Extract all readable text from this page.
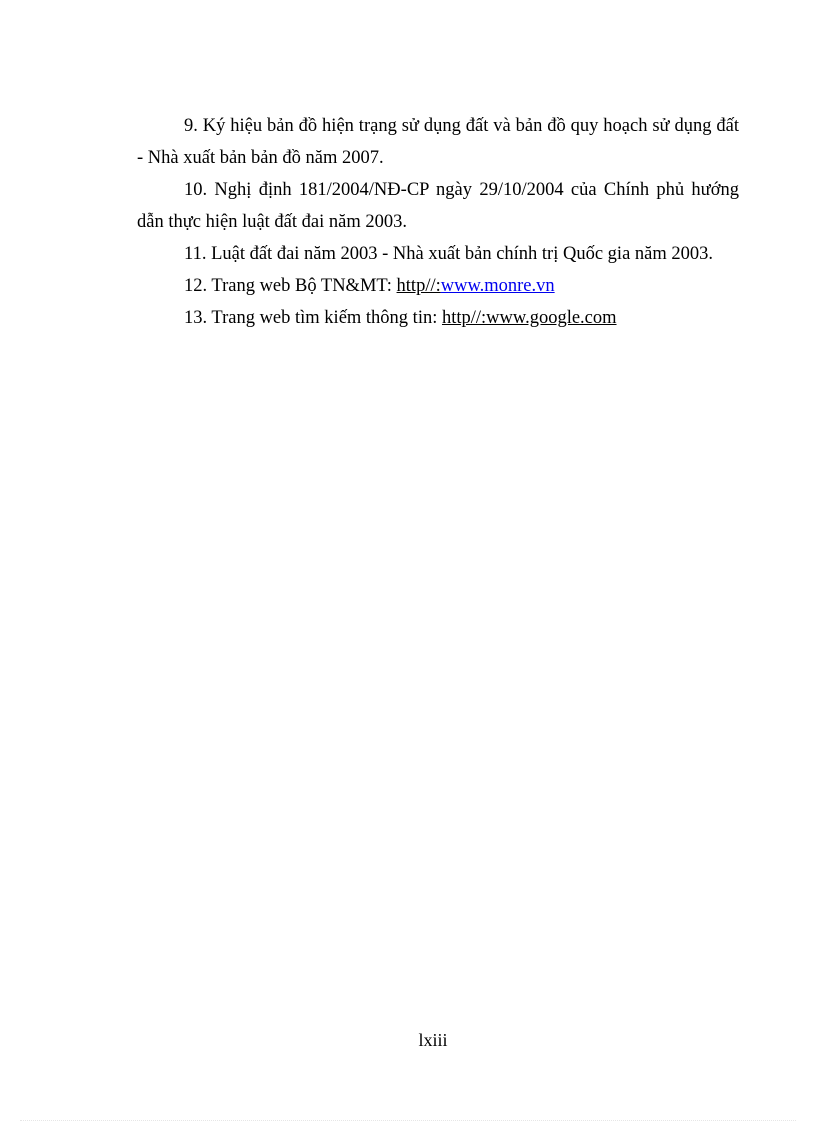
9. Ký hiệu bản đồ hiện trạng sử dụng đất và bản đồ quy hoạch sử dụng đất - Nhà xuất bản bản đồ năm 2007.

10. Nghị định 181/2004/NĐ-CP ngày 29/10/2004 của Chính phủ hướng dẫn thực hiện luật đất đai năm 2003.

11. Luật đất đai năm 2003 - Nhà xuất bản chính trị Quốc gia năm 2003.

12. Trang web Bộ TN&MT: http//:www.monre.vn

13. Trang web tìm kiếm thông tin: http//:www.google.com

lxiii
